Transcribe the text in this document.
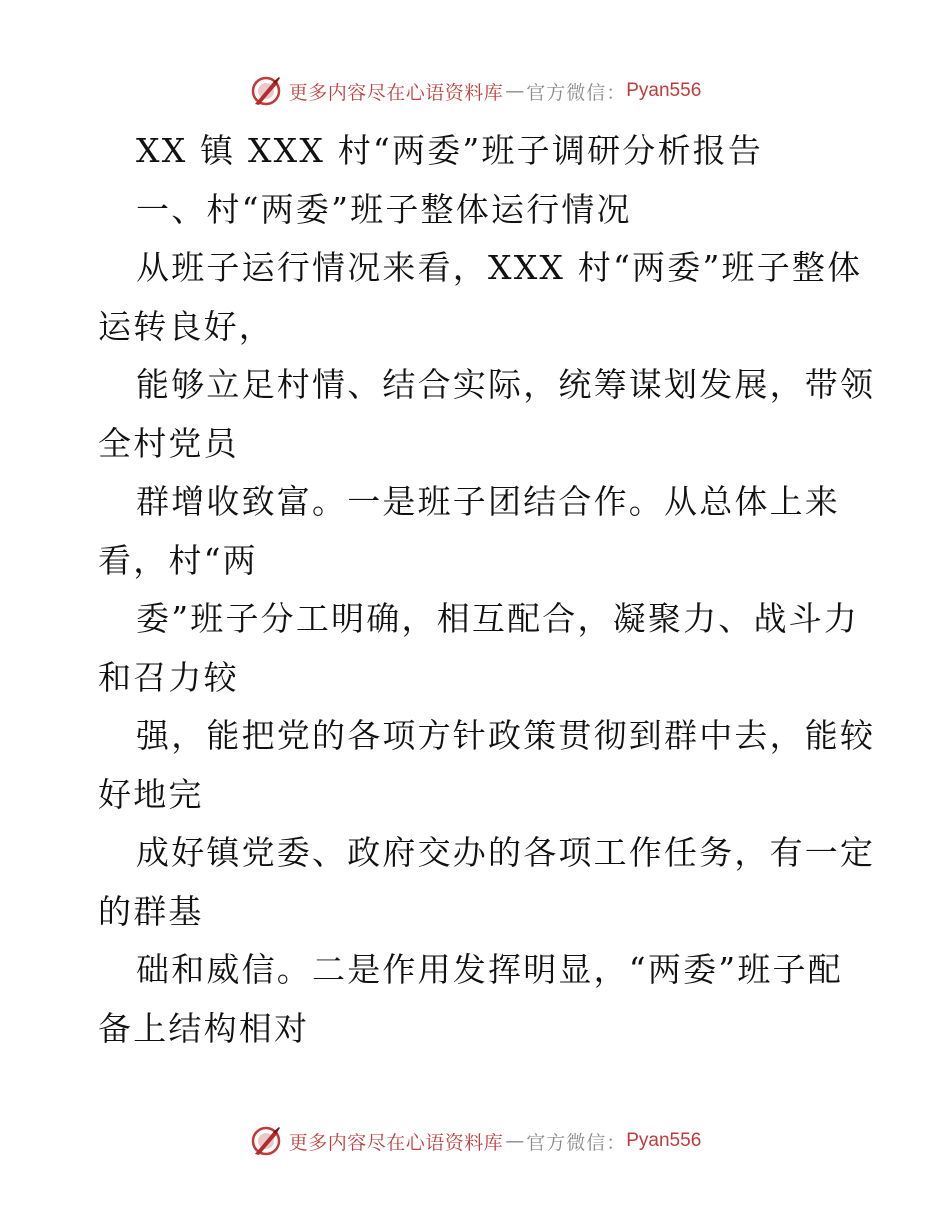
更多内容尽在心语资料库 — 官方微信： Pyan556
XX 镇 XXX 村“两委”班子调研分析报告
一、村“两委”班子整体运行情况
从班子运行情况来看，XXX 村“两委”班子整体
运转良好，
能够立足村情、结合实际，统筹谋划发展，带领
全村党员
群增收致富。一是班子团结合作。从总体上来
看，村“两
委”班子分工明确，相互配合，凝聚力、战斗力
和召力较
强，能把党的各项方针政策贯彻到群中去，能较
好地完
成好镇党委、政府交办的各项工作任务，有一定
的群基
础和威信。二是作用发挥明显，“两委”班子配
备上结构相对
更多内容尽在心语资料库 — 官方微信： Pyan556
